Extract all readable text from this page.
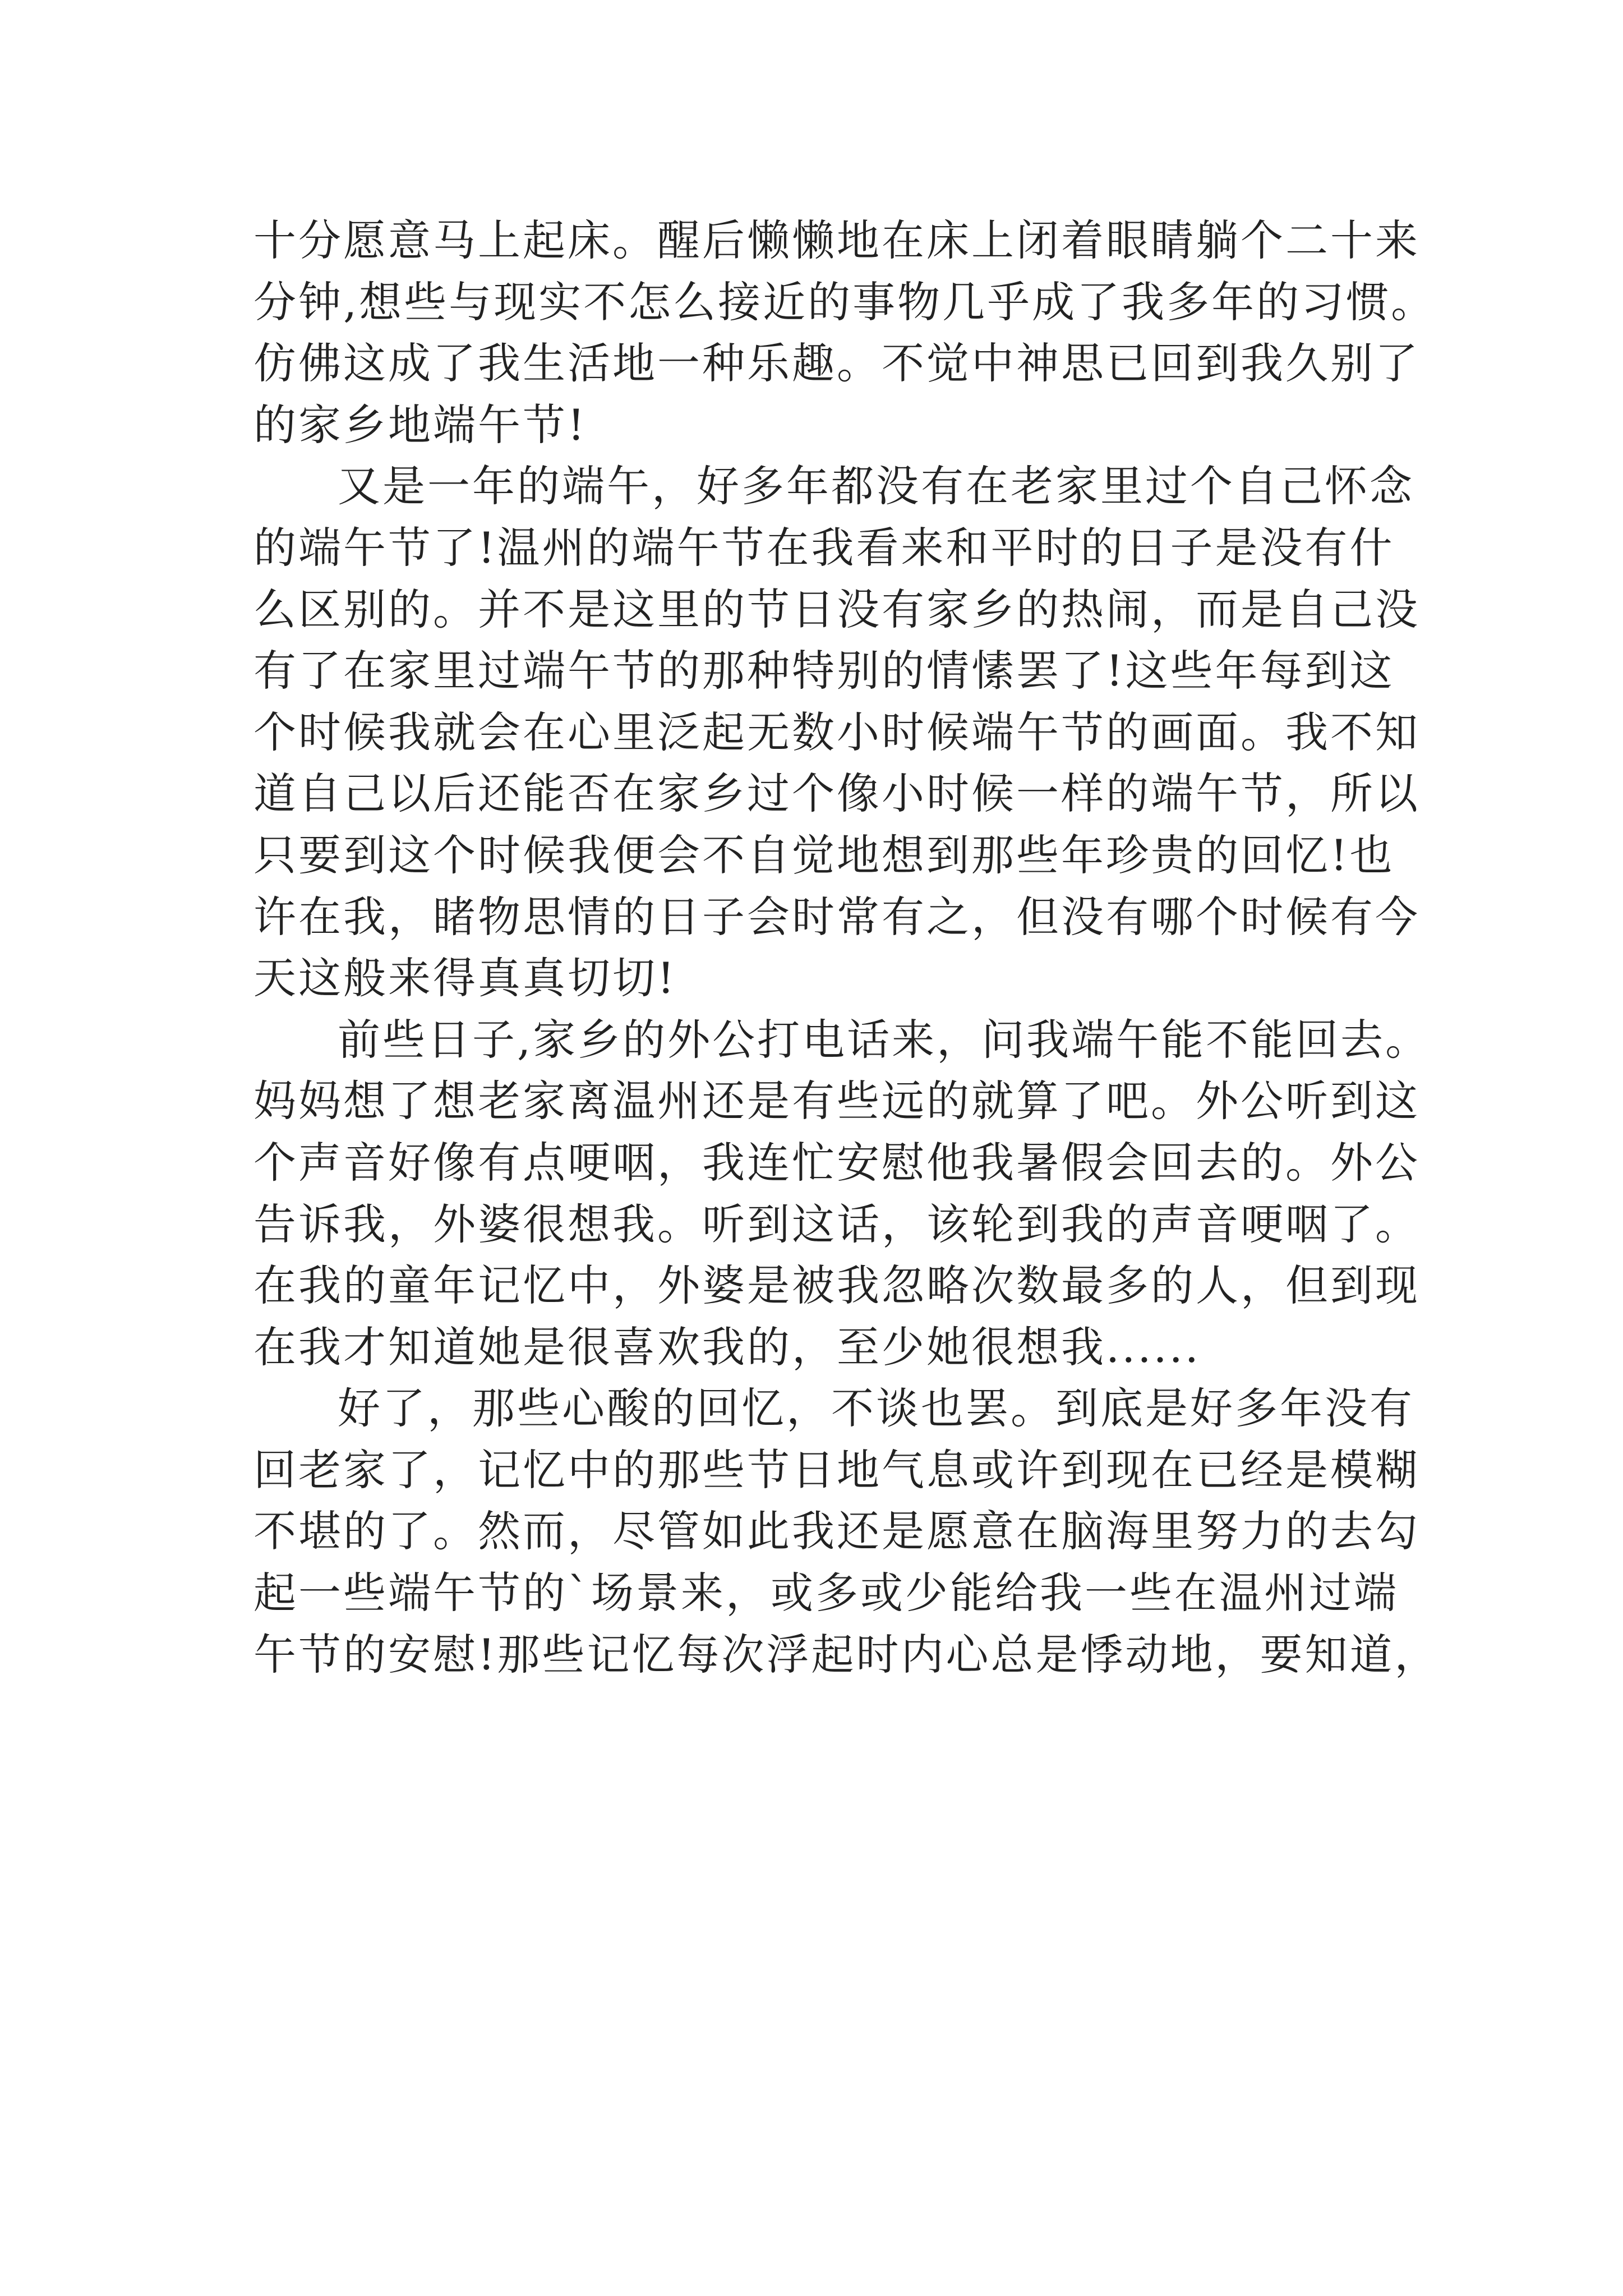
十分愿意马上起床。醒后懒懒地在床上闭着眼睛躺个二十来
分钟,想些与现实不怎么接近的事物几乎成了我多年的习惯。
仿佛这成了我生活地一种乐趣。不觉中神思已回到我久别了
的家乡地端午节!
又是一年的端午，好多年都没有在老家里过个自己怀念
的端午节了!温州的端午节在我看来和平时的日子是没有什
么区别的。并不是这里的节日没有家乡的热闹，而是自己没
有了在家里过端午节的那种特别的情愫罢了!这些年每到这
个时候我就会在心里泛起无数小时候端午节的画面。我不知
道自己以后还能否在家乡过个像小时候一样的端午节，所以
只要到这个时候我便会不自觉地想到那些年珍贵的回忆!也
许在我，睹物思情的日子会时常有之，但没有哪个时候有今
天这般来得真真切切!
前些日子,家乡的外公打电话来，问我端午能不能回去。
妈妈想了想老家离温州还是有些远的就算了吧。外公听到这
个声音好像有点哽咽，我连忙安慰他我暑假会回去的。外公
告诉我，外婆很想我。听到这话，该轮到我的声音哽咽了。
在我的童年记忆中，外婆是被我忽略次数最多的人，但到现
在我才知道她是很喜欢我的，至少她很想我......
好了，那些心酸的回忆，不谈也罢。到底是好多年没有
回老家了，记忆中的那些节日地气息或许到现在已经是模糊
不堪的了。然而，尽管如此我还是愿意在脑海里努力的去勾
起一些端午节的`场景来，或多或少能给我一些在温州过端
午节的安慰!那些记忆每次浮起时内心总是悸动地，要知道，
